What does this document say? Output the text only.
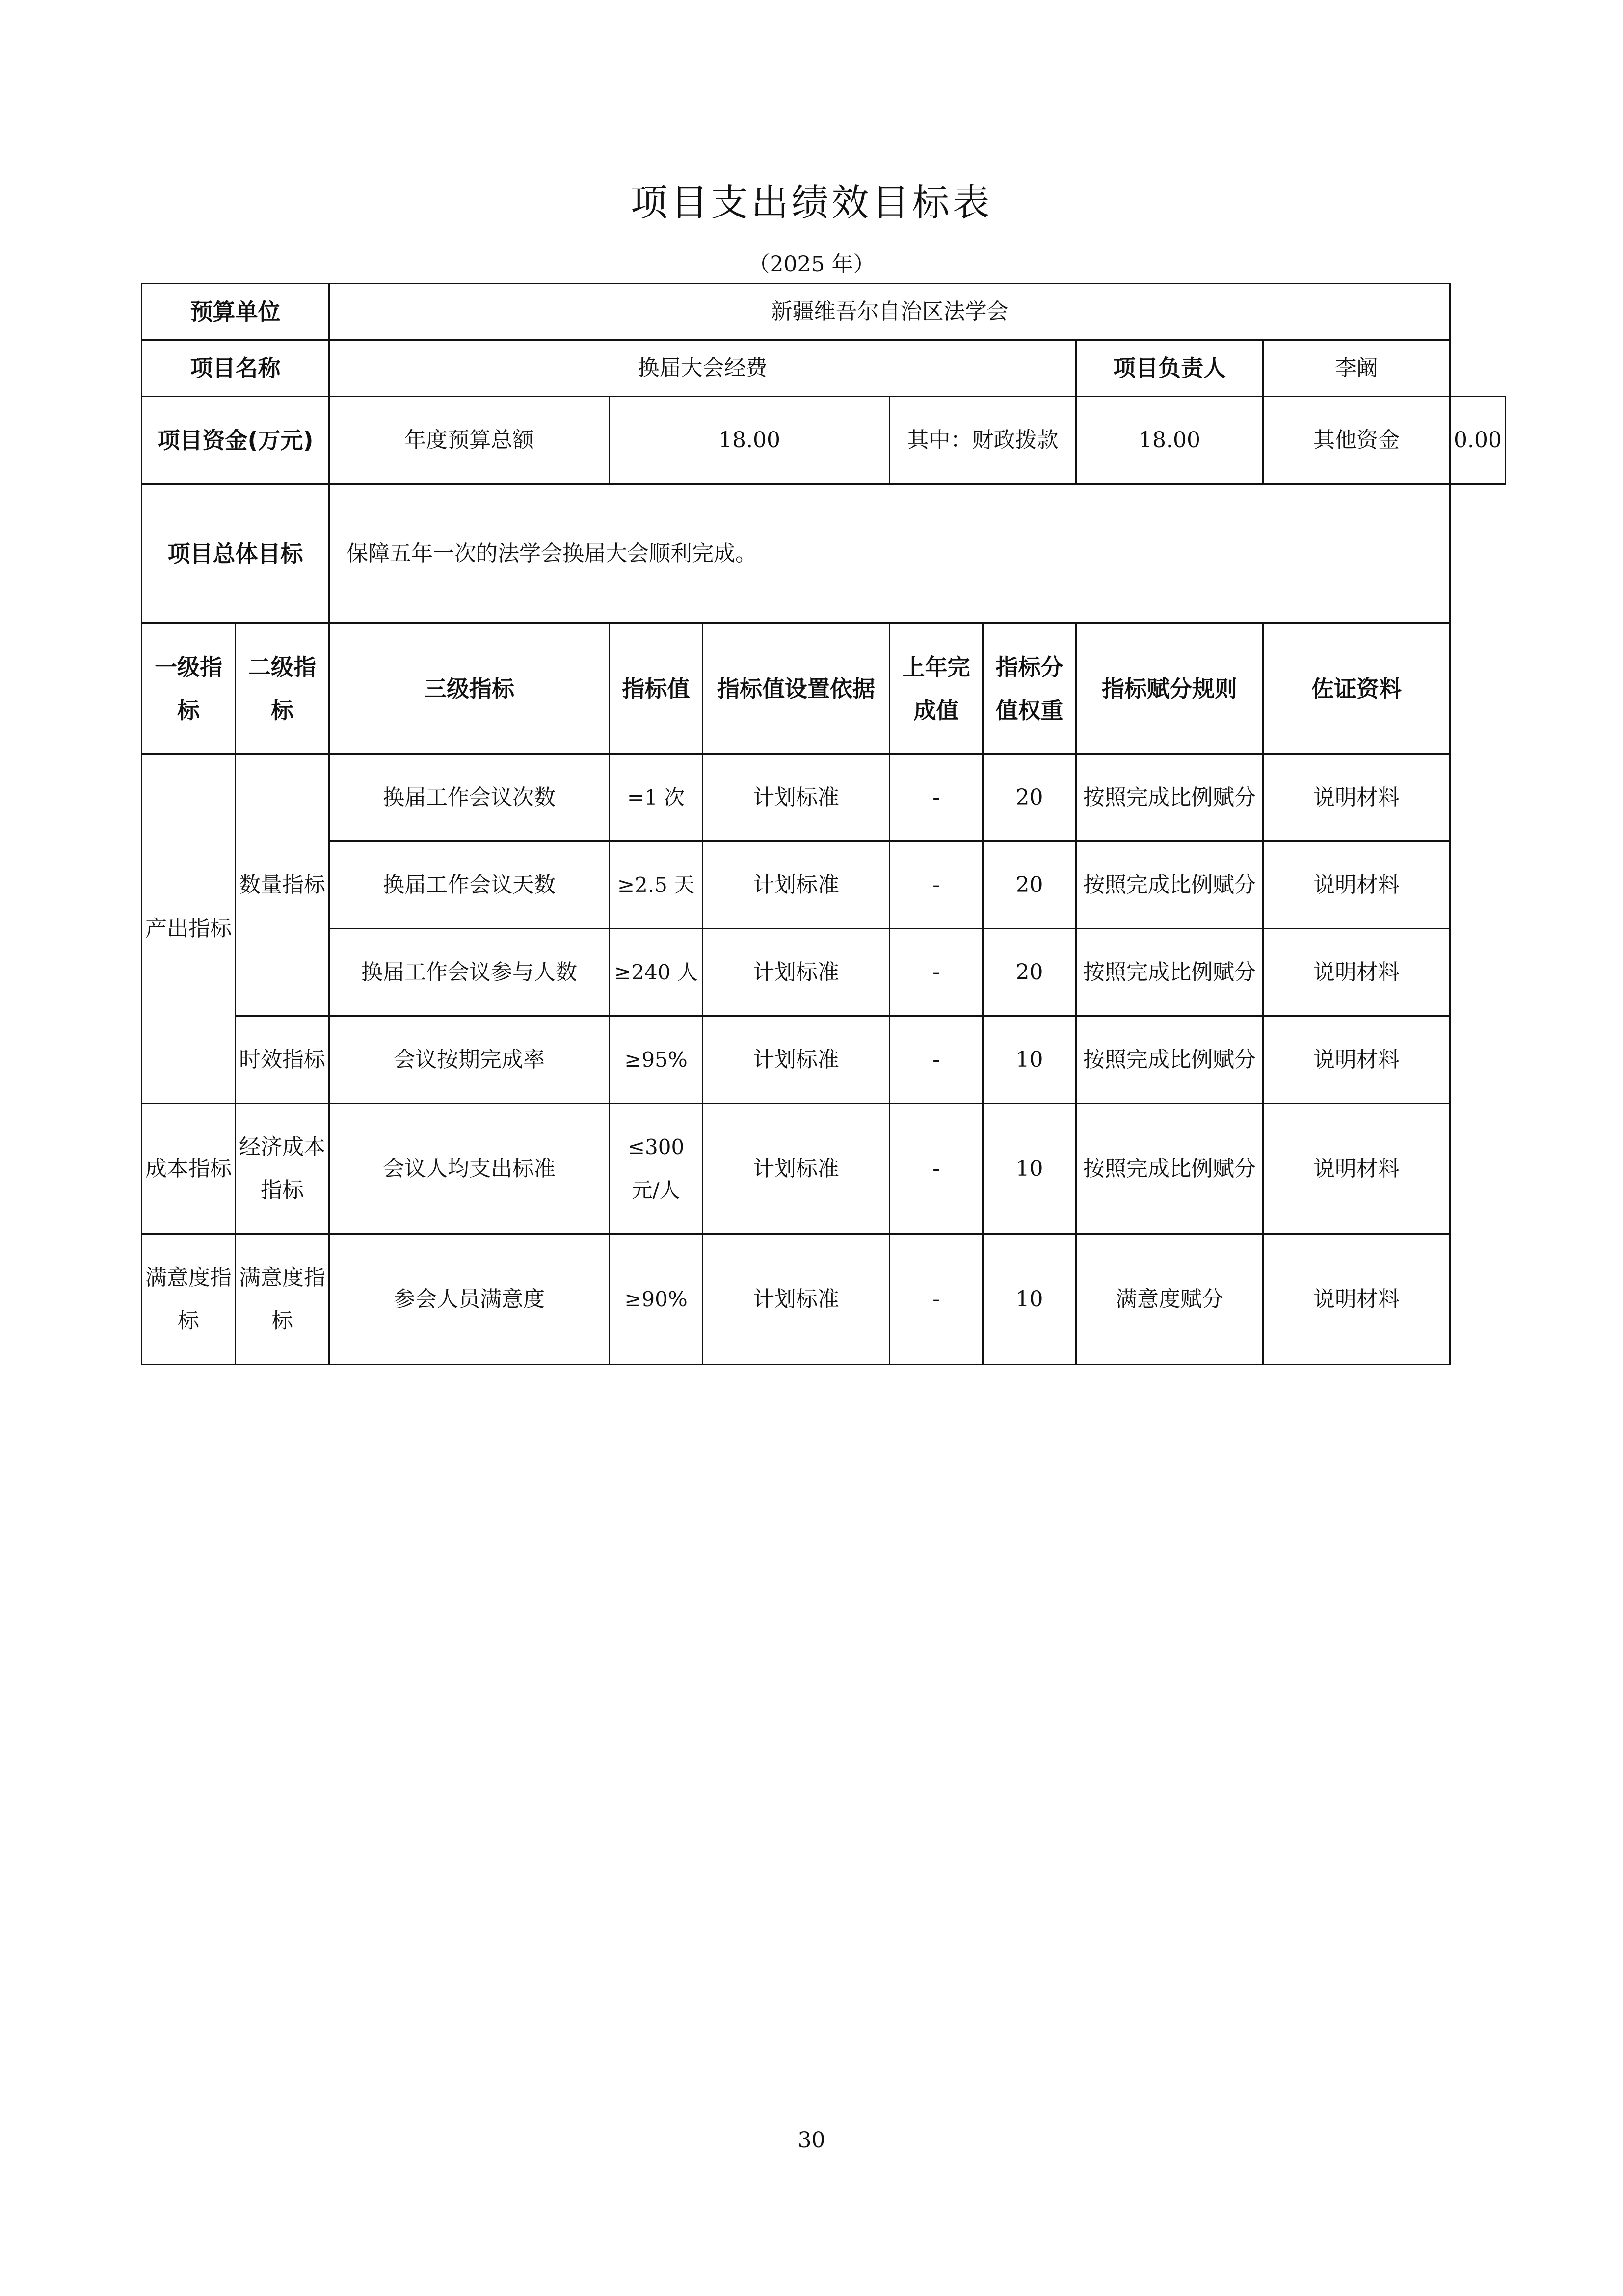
项目支出绩效目标表
（2025 年）
预算单位		新疆维吾尔自治区法学会							
项目名称		换届大会经费					项目负责人	李阚	
项目资金(万元)		年度预算总额	18.00		其中：财政拨款		18.00	其他资金	0.00
项目总体目标		保障五年一次的法学会换届大会顺利完成。							
一级指标	二级指标	三级指标	指标值	指标值设置依据	上年完成值	指标分值权重	指标赋分规则	佐证资料	
产出指标	数量指标	换届工作会议次数	=1 次	计划标准	-	20	按照完成比例赋分	说明材料	
		换届工作会议天数	≥2.5 天	计划标准	-	20	按照完成比例赋分	说明材料	
		换届工作会议参与人数	≥240 人	计划标准	-	20	按照完成比例赋分	说明材料	
	时效指标	会议按期完成率	≥95%	计划标准	-	10	按照完成比例赋分	说明材料	
成本指标	经济成本指标	会议人均支出标准	≤300 元/人	计划标准	-	10	按照完成比例赋分	说明材料	
满意度指标	满意度指标	参会人员满意度	≥90%	计划标准	-	10	满意度赋分	说明材料	
30
